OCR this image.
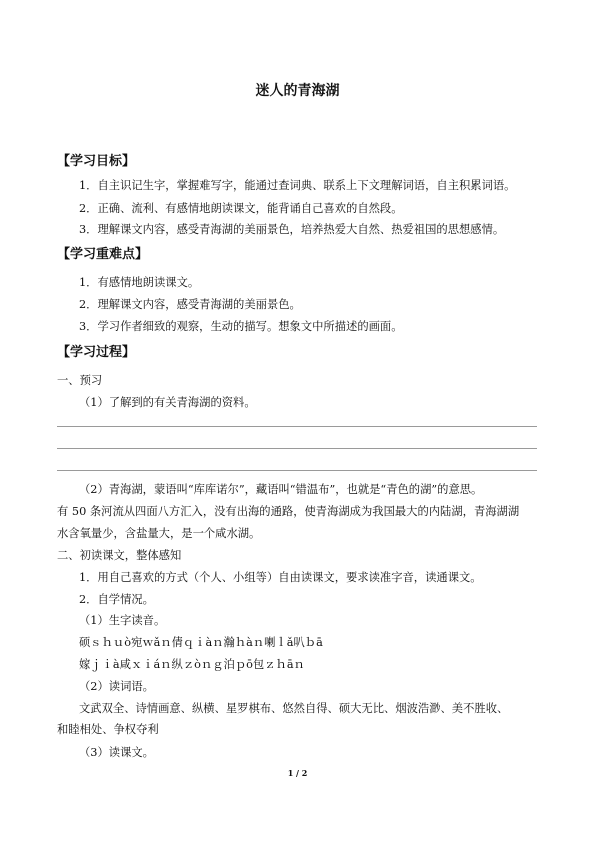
迷人的青海湖
【学习目标】
1．自主识记生字，掌握难写字，能通过查词典、联系上下文理解词语，自主积累词语。
2．正确、流利、有感情地朗读课文，能背诵自己喜欢的自然段。
3．理解课文内容，感受青海湖的美丽景色，培养热爱大自然、热爱祖国的思想感情。
【学习重难点】
1．有感情地朗读课文。
2．理解课文内容，感受青海湖的美丽景色。
3．学习作者细致的观察，生动的描写。想象文中所描述的画面。
【学习过程】
一、预习
（1）了解到的有关青海湖的资料。
（2）青海湖，蒙语叫“库库诺尔”，藏语叫“错温布”，也就是“青色的湖”的意思。
有 50 条河流从四面八方汇入，没有出海的通路，使青海湖成为我国最大的内陆湖，青海湖湖
水含氧量少，含盐量大，是一个咸水湖。
二、初读课文，整体感知
1．用自己喜欢的方式（个人、小组等）自由读课文，要求读准字音，读通课文。
2．自学情况。
（1）生字读音。
硕ｓｈｕò宛ｗǎｎ倩ｑｉàｎ瀚ｈàｎ喇ｌǎ叭ｂā
嫁ｊｉà咸ｘｉáｎ纵ｚòｎｇ泊ｐō包ｚｈāｎ
（2）读词语。
文武双全、诗情画意、纵横、星罗棋布、悠然自得、硕大无比、烟波浩渺、美不胜收、
和睦相处、争权夺利
（3）读课文。
1 / 2
